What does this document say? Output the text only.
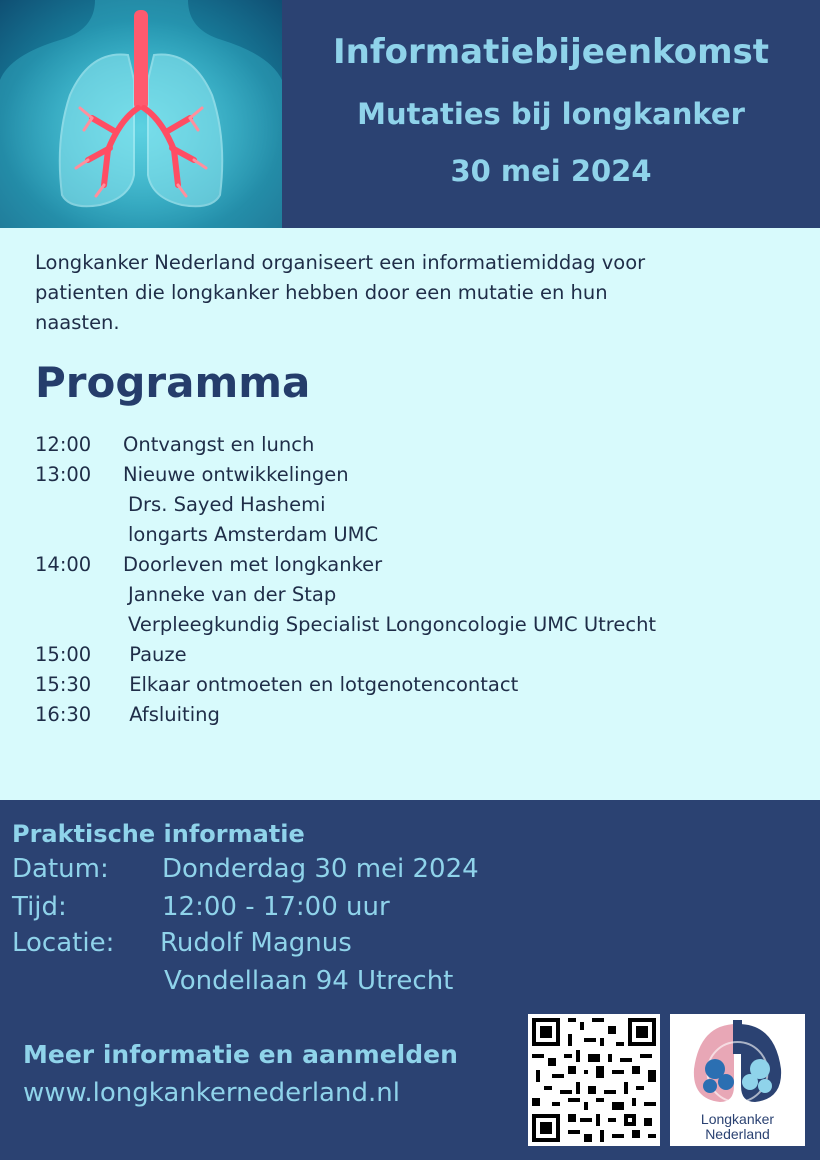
Informatiebijeenkomst
Mutaties bij longkanker
30 mei 2024
Longkanker Nederland organiseert een informatiemiddag voor
patienten die longkanker hebben door een mutatie en hun
naasten.
Programma
12:00 Ontvangst en lunch
13:00 Nieuwe ontwikkelingen
Drs. Sayed Hashemi
longarts Amsterdam UMC
14:00 Doorleven met longkanker
Janneke van der Stap
Verpleegkundig Specialist Longoncologie UMC Utrecht
15:00 Pauze
15:30 Elkaar ontmoeten en lotgenotencontact
16:30 Afsluiting
Praktische informatie
Datum: Donderdag 30 mei 2024
Tijd:	12:00 - 17:00 uur
Locatie: Rudolf Magnus
Vondellaan 94 Utrecht
Meer informatie en aanmelden
www.longkankernederland.nl
Longkanker
Nederland
